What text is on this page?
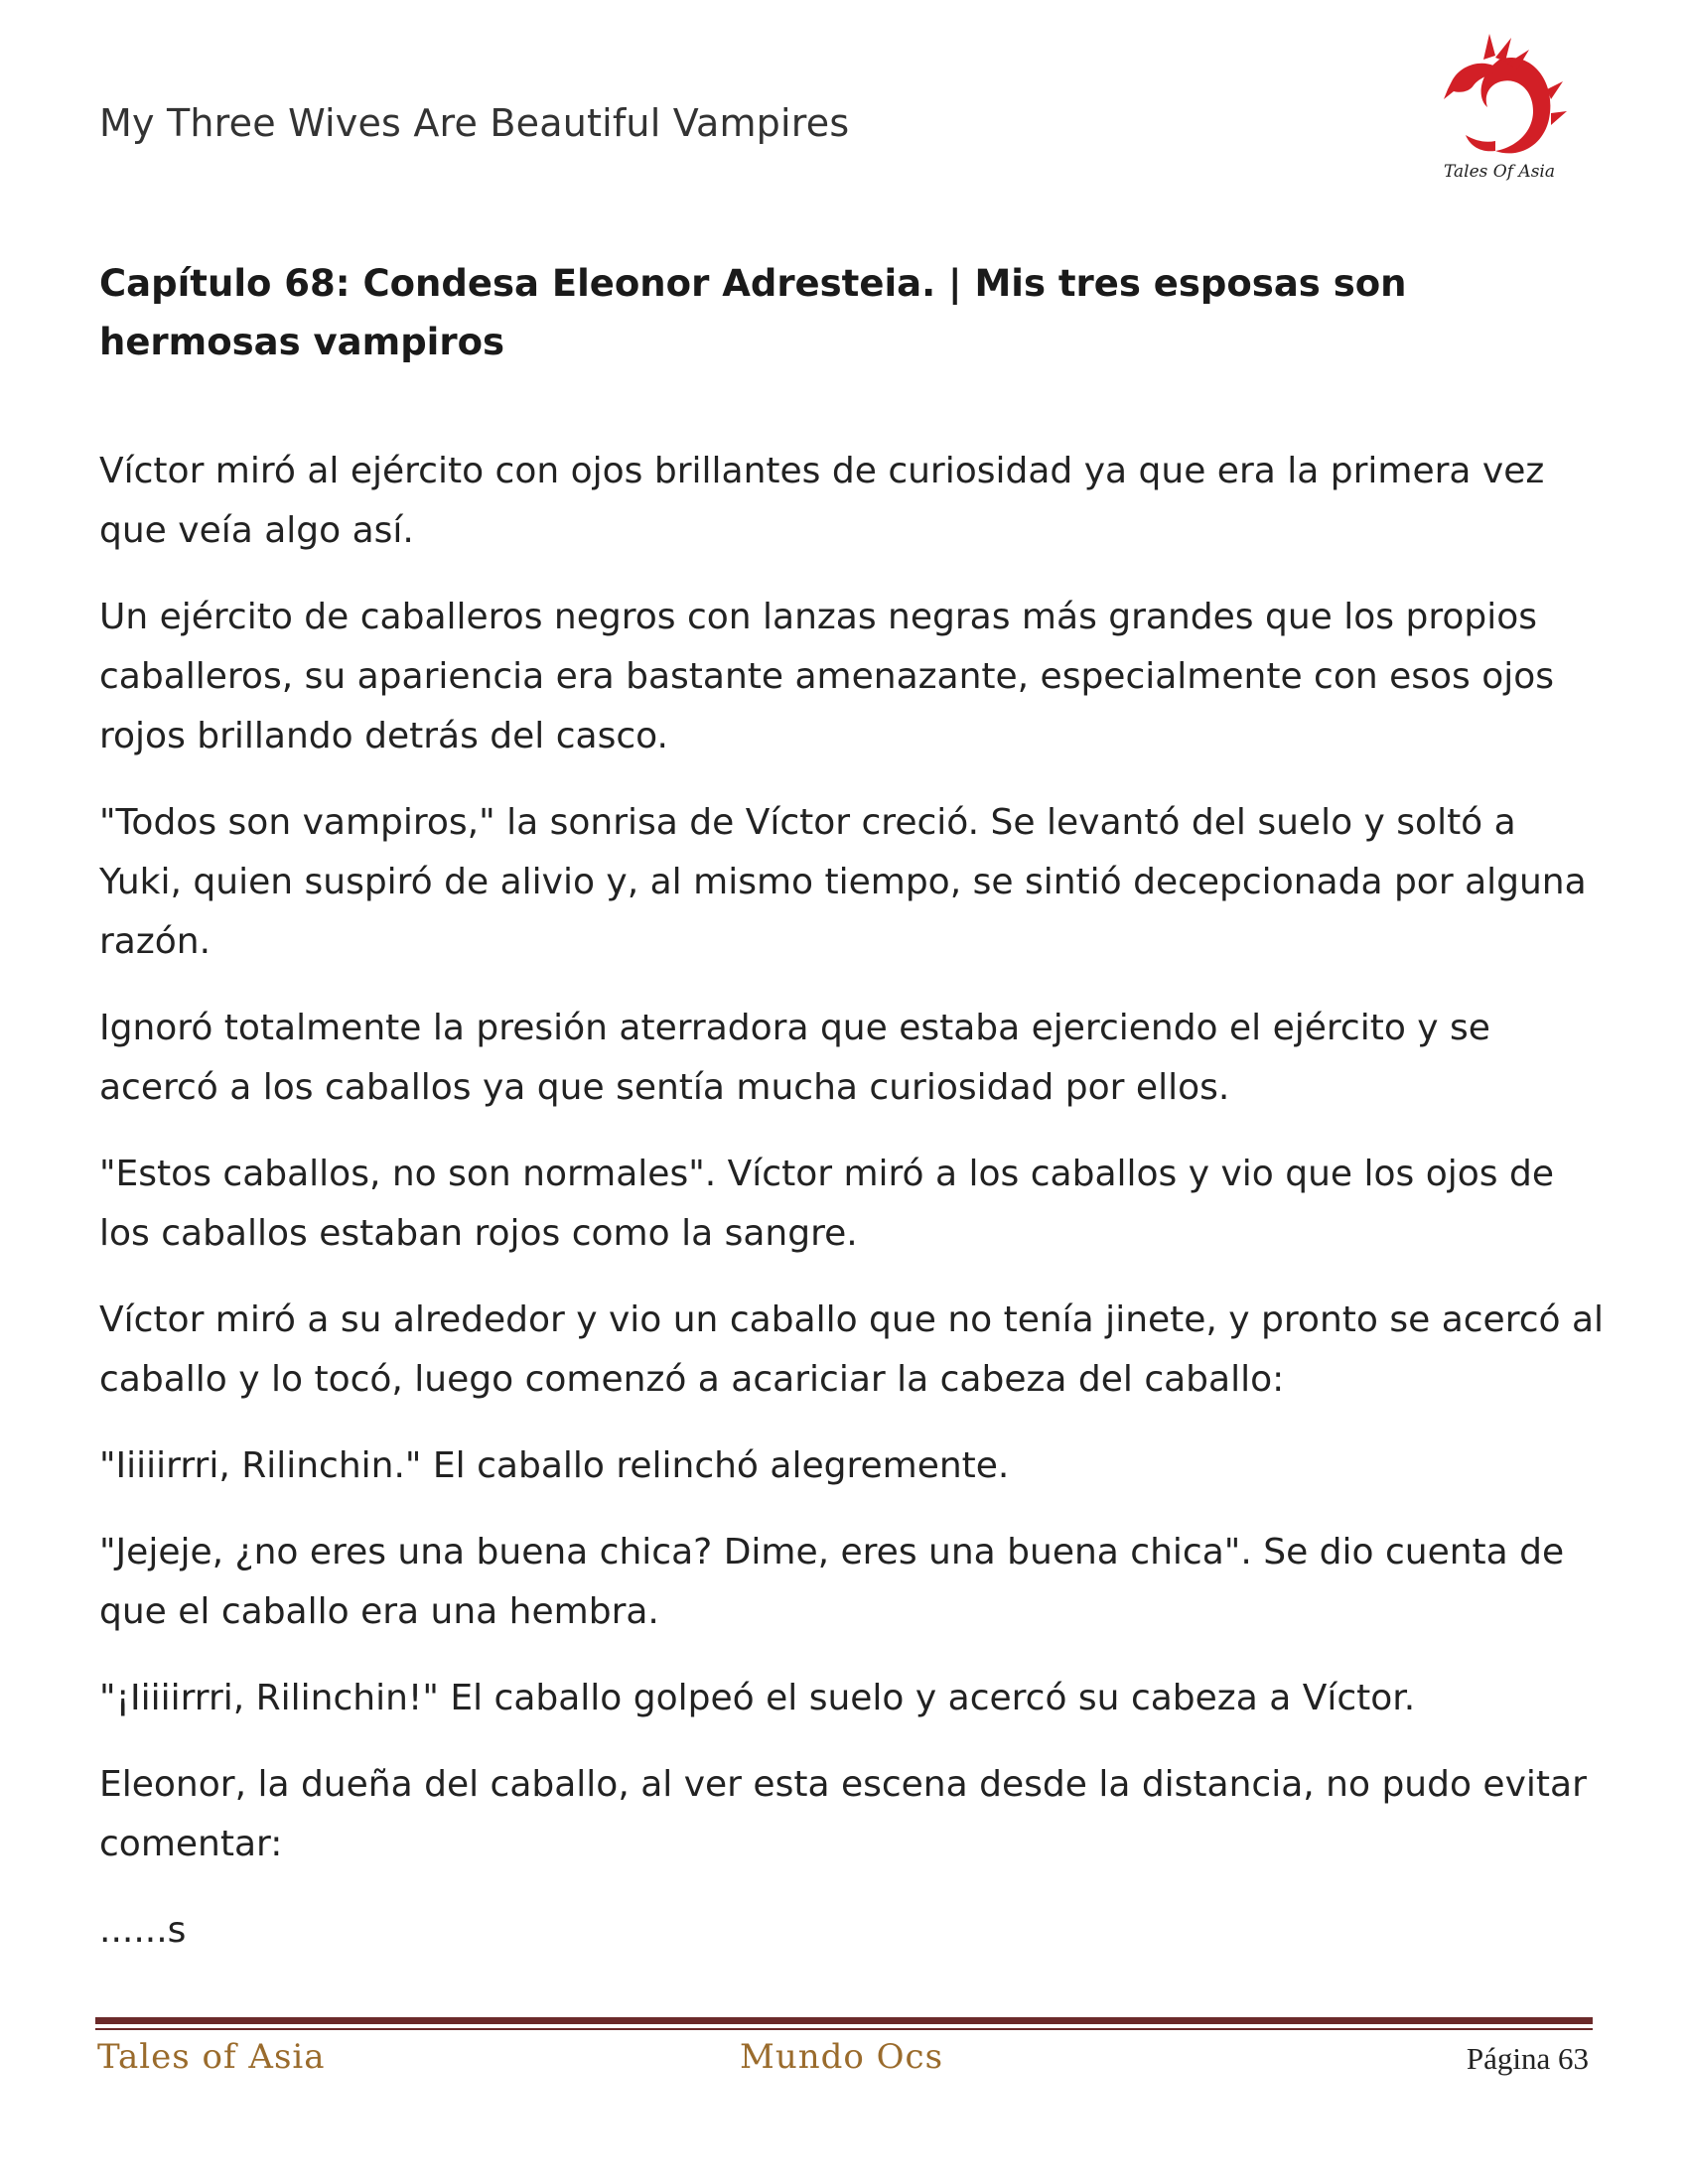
My Three Wives Are Beautiful Vampires
Tales Of Asia
Capítulo 68: Condesa Eleonor Adresteia. | Mis tres esposas son hermosas vampiros

Víctor miró al ejército con ojos brillantes de curiosidad ya que era la primera vez que veía algo así.

Un ejército de caballeros negros con lanzas negras más grandes que los propios caballeros, su apariencia era bastante amenazante, especialmente con esos ojos rojos brillando detrás del casco.

"Todos son vampiros," la sonrisa de Víctor creció. Se levantó del suelo y soltó a Yuki, quien suspiró de alivio y, al mismo tiempo, se sintió decepcionada por alguna razón.

Ignoró totalmente la presión aterradora que estaba ejerciendo el ejército y se acercó a los caballos ya que sentía mucha curiosidad por ellos.

"Estos caballos, no son normales". Víctor miró a los caballos y vio que los ojos de los caballos estaban rojos como la sangre.

Víctor miró a su alrededor y vio un caballo que no tenía jinete, y pronto se acercó al caballo y lo tocó, luego comenzó a acariciar la cabeza del caballo:

"Iiiiirrri, Rilinchin." El caballo relinchó alegremente.

"Jejeje, ¿no eres una buena chica? Dime, eres una buena chica". Se dio cuenta de que el caballo era una hembra.

"¡Iiiiirrri, Rilinchin!" El caballo golpeó el suelo y acercó su cabeza a Víctor.

Eleonor, la dueña del caballo, al ver esta escena desde la distancia, no pudo evitar comentar:

......s

Tales of Asia	Mundo Ocs	Página 63
